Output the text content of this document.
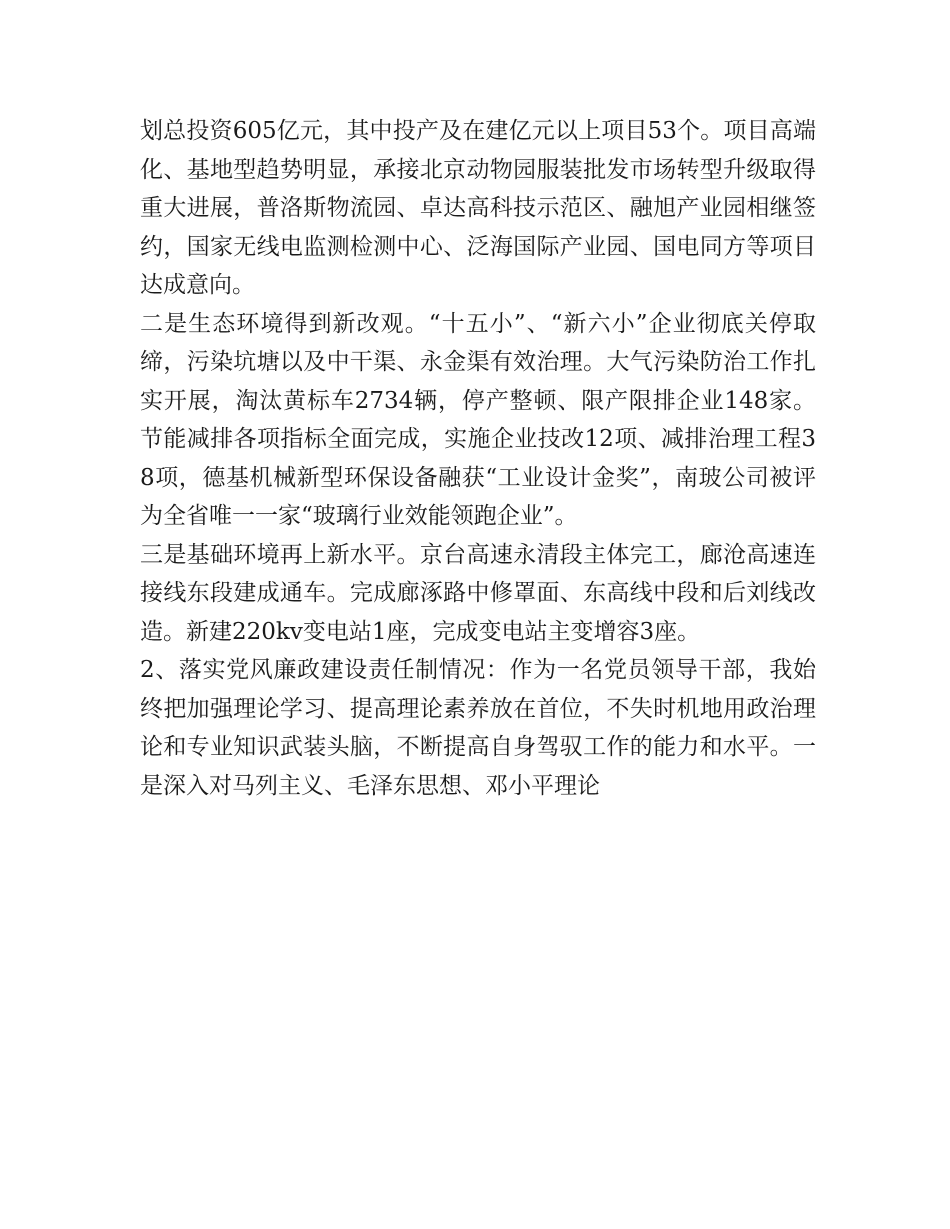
划总投资605亿元，其中投产及在建亿元以上项目53个。项目高端化、基地型趋势明显，承接北京动物园服装批发市场转型升级取得重大进展，普洛斯物流园、卓达高科技示范区、融旭产业园相继签约，国家无线电监测检测中心、泛海国际产业园、国电同方等项目达成意向。

二是生态环境得到新改观。“十五小”、“新六小”企业彻底关停取缔，污染坑塘以及中干渠、永金渠有效治理。大气污染防治工作扎实开展，淘汰黄标车2734辆，停产整顿、限产限排企业148家。节能减排各项指标全面完成，实施企业技改12项、减排治理工程38项，德基机械新型环保设备融获“工业设计金奖”，南玻公司被评为全省唯一一家“玻璃行业效能领跑企业”。

三是基础环境再上新水平。京台高速永清段主体完工，廊沧高速连接线东段建成通车。完成廊涿路中修罩面、东高线中段和后刘线改造。新建220kv变电站1座，完成变电站主变增容3座。

2、落实党风廉政建设责任制情况：作为一名党员领导干部，我始终把加强理论学习、提高理论素养放在首位，不失时机地用政治理论和专业知识武装头脑，不断提高自身驾驭工作的能力和水平。一是深入对马列主义、毛泽东思想、邓小平理论
